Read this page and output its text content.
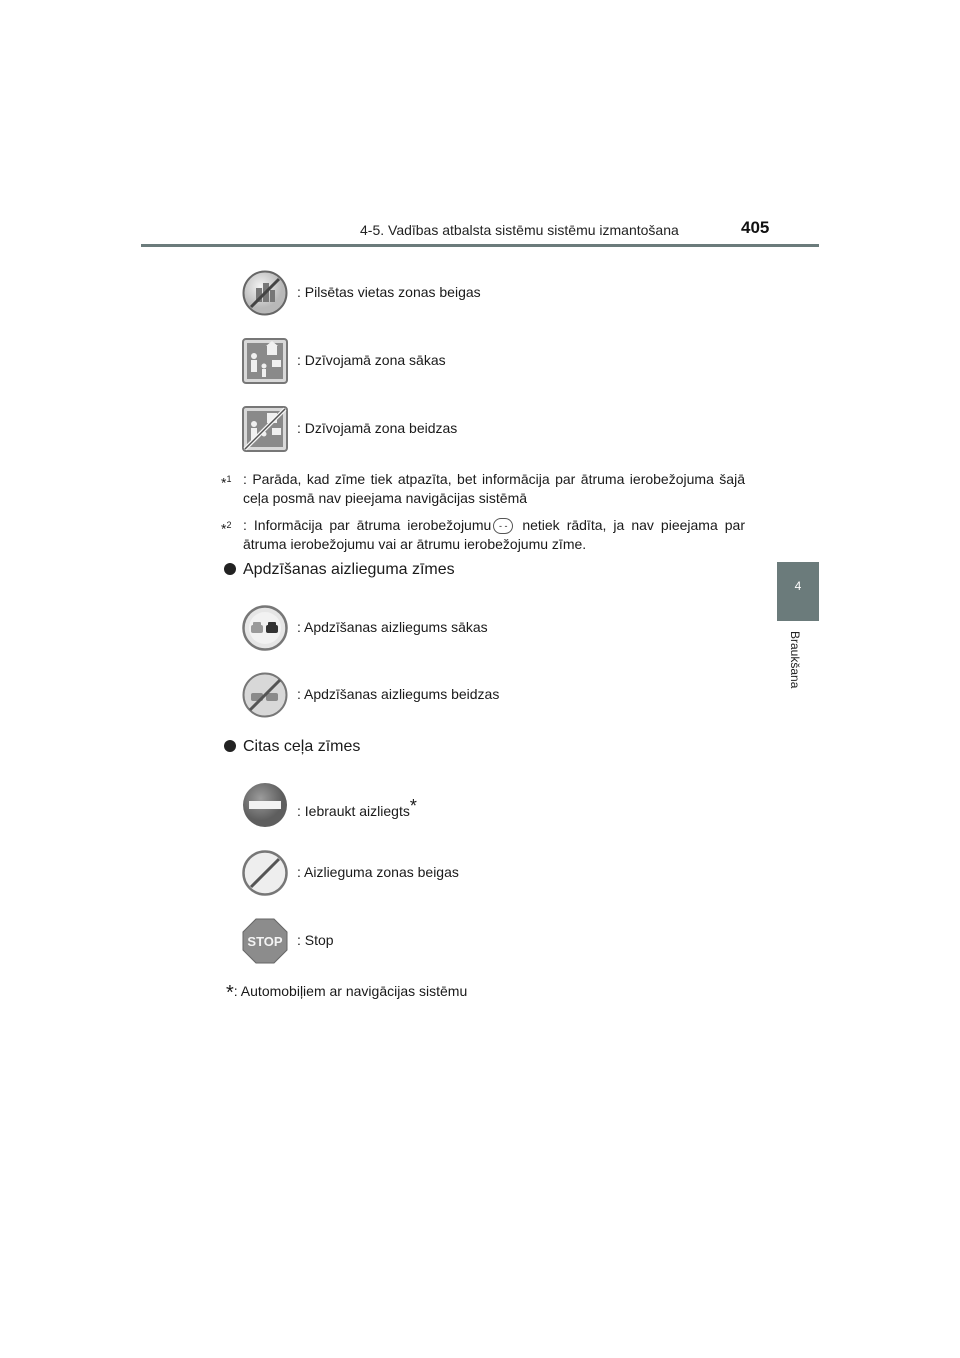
4-5. Vadības atbalsta sistēmu sistēmu izmantošana	405
4
Braukšana
: Pilsētas vietas zonas beigas
: Dzīvojamā zona sākas
: Dzīvojamā zona beidzas
*$^1$ : Parāda, kad zīme tiek atpazīta, bet informācija par ātruma ierobežojuma šajā ceļa posmā nav pieejama navigācijas sistēmā
*$^2$ : Informācija par ātruma ierobežojumu - - netiek rādīta, ja nav pieejama par ātruma ierobežojumu vai ar ātrumu ierobežojumu zīme.
Apdzīšanas aizlieguma zīmes
: Apdzīšanas aizliegums sākas
: Apdzīšanas aizliegums beidzas
Citas ceļa zīmes
: Iebraukt aizliegts*
: Aizlieguma zonas beigas
STOP : Stop
*: Automobiļiem ar navigācijas sistēmu
